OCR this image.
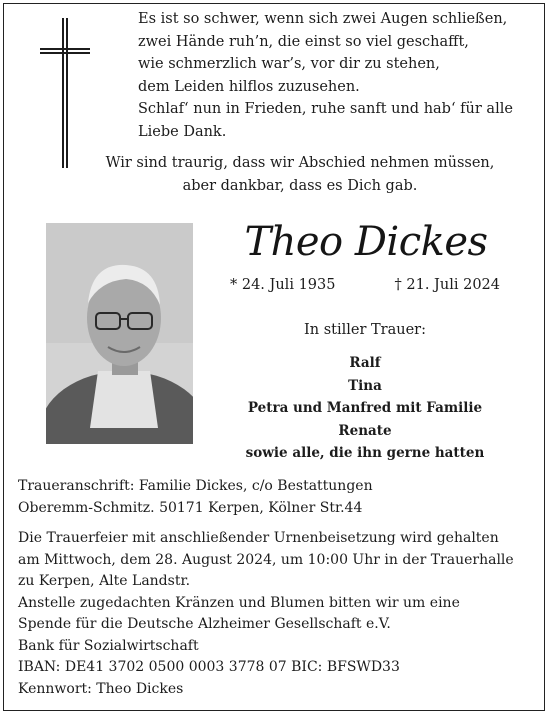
Es ist so schwer, wenn sich zwei Augen schließen,
zwei Hände ruh’n, die einst so viel geschafft,
wie schmerzlich war’s, vor dir zu stehen,
dem Leiden hilflos zuzusehen.
Schlaf‘ nun in Frieden, ruhe sanft und hab‘ für alle
Liebe Dank.
Wir sind traurig, dass wir Abschied nehmen müssen,
aber dankbar, dass es Dich gab.
Theo Dickes
* 24. Juli 1935	† 21. Juli 2024
In stiller Trauer:
Ralf
Tina
Petra und Manfred mit Familie
Renate
sowie alle, die ihn gerne hatten
Traueranschrift: Familie Dickes, c/o Bestattungen
Oberemm-Schmitz. 50171 Kerpen, Kölner Str.44
Die Trauerfeier mit anschließender Urnenbeisetzung wird gehalten
am Mittwoch, dem 28. August 2024, um 10:00 Uhr in der Trauerhalle
zu Kerpen, Alte Landstr.
Anstelle zugedachten Kränzen und Blumen bitten wir um eine
Spende für die Deutsche Alzheimer Gesellschaft e.V.
Bank für Sozialwirtschaft
IBAN: DE41 3702 0500 0003 3778 07 BIC: BFSWD33
Kennwort: Theo Dickes
